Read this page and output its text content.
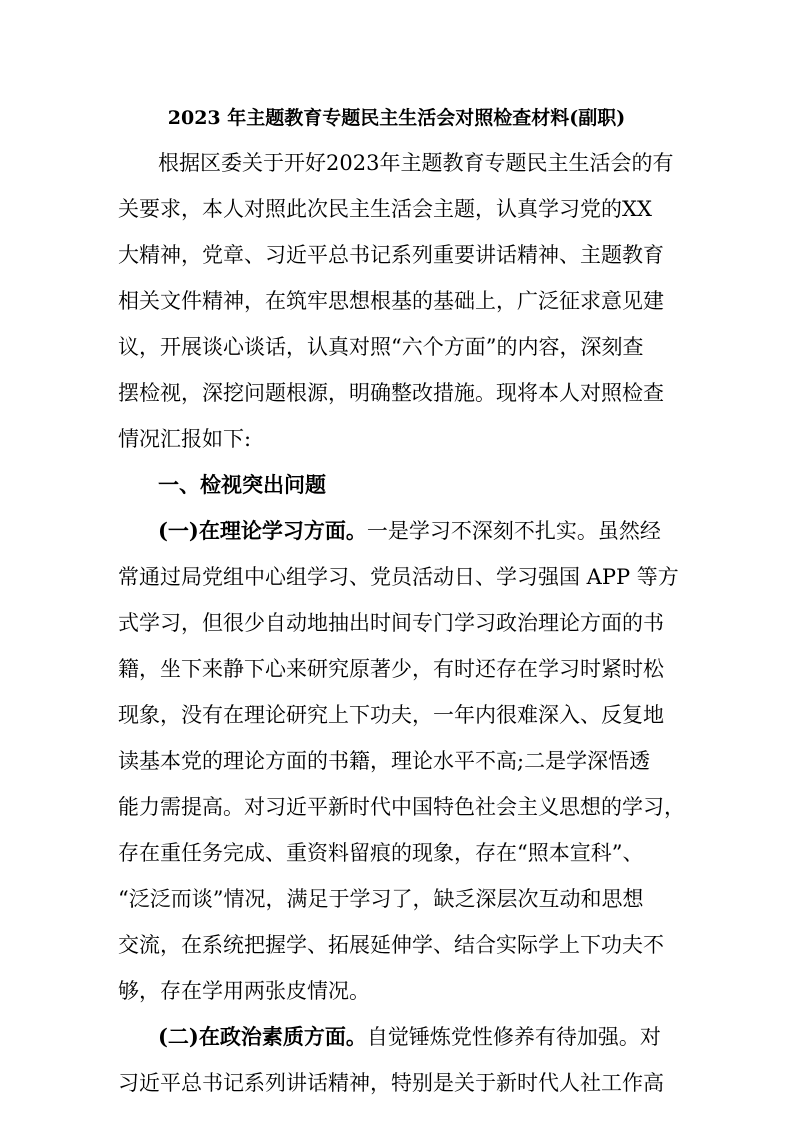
2023 年主题教育专题民主生活会对照检查材料(副职)

根据区委关于开好2023年主题教育专题民主生活会的有

关要求，本人对照此次民主生活会主题，认真学习党的XX

大精神，党章、习近平总书记系列重要讲话精神、主题教育

相关文件精神，在筑牢思想根基的基础上，广泛征求意见建

议，开展谈心谈话，认真对照“六个方面”的内容，深刻查

摆检视，深挖问题根源，明确整改措施。现将本人对照检查

情况汇报如下:

一、检视突出问题

(一)在理论学习方面。一是学习不深刻不扎实。虽然经

常通过局党组中心组学习、党员活动日、学习强国 APP 等方

式学习，但很少自动地抽出时间专门学习政治理论方面的书

籍，坐下来静下心来研究原著少，有时还存在学习时紧时松

现象，没有在理论研究上下功夫，一年内很难深入、反复地

读基本党的理论方面的书籍，理论水平不高;二是学深悟透

能力需提高。对习近平新时代中国特色社会主义思想的学习，

存在重任务完成、重资料留痕的现象，存在“照本宣科”、

“泛泛而谈”情况，满足于学习了，缺乏深层次互动和思想

交流，在系统把握学、拓展延伸学、结合实际学上下功夫不

够，存在学用两张皮情况。

(二)在政治素质方面。自觉锤炼党性修养有待加强。对

习近平总书记系列讲话精神，特别是关于新时代人社工作高
